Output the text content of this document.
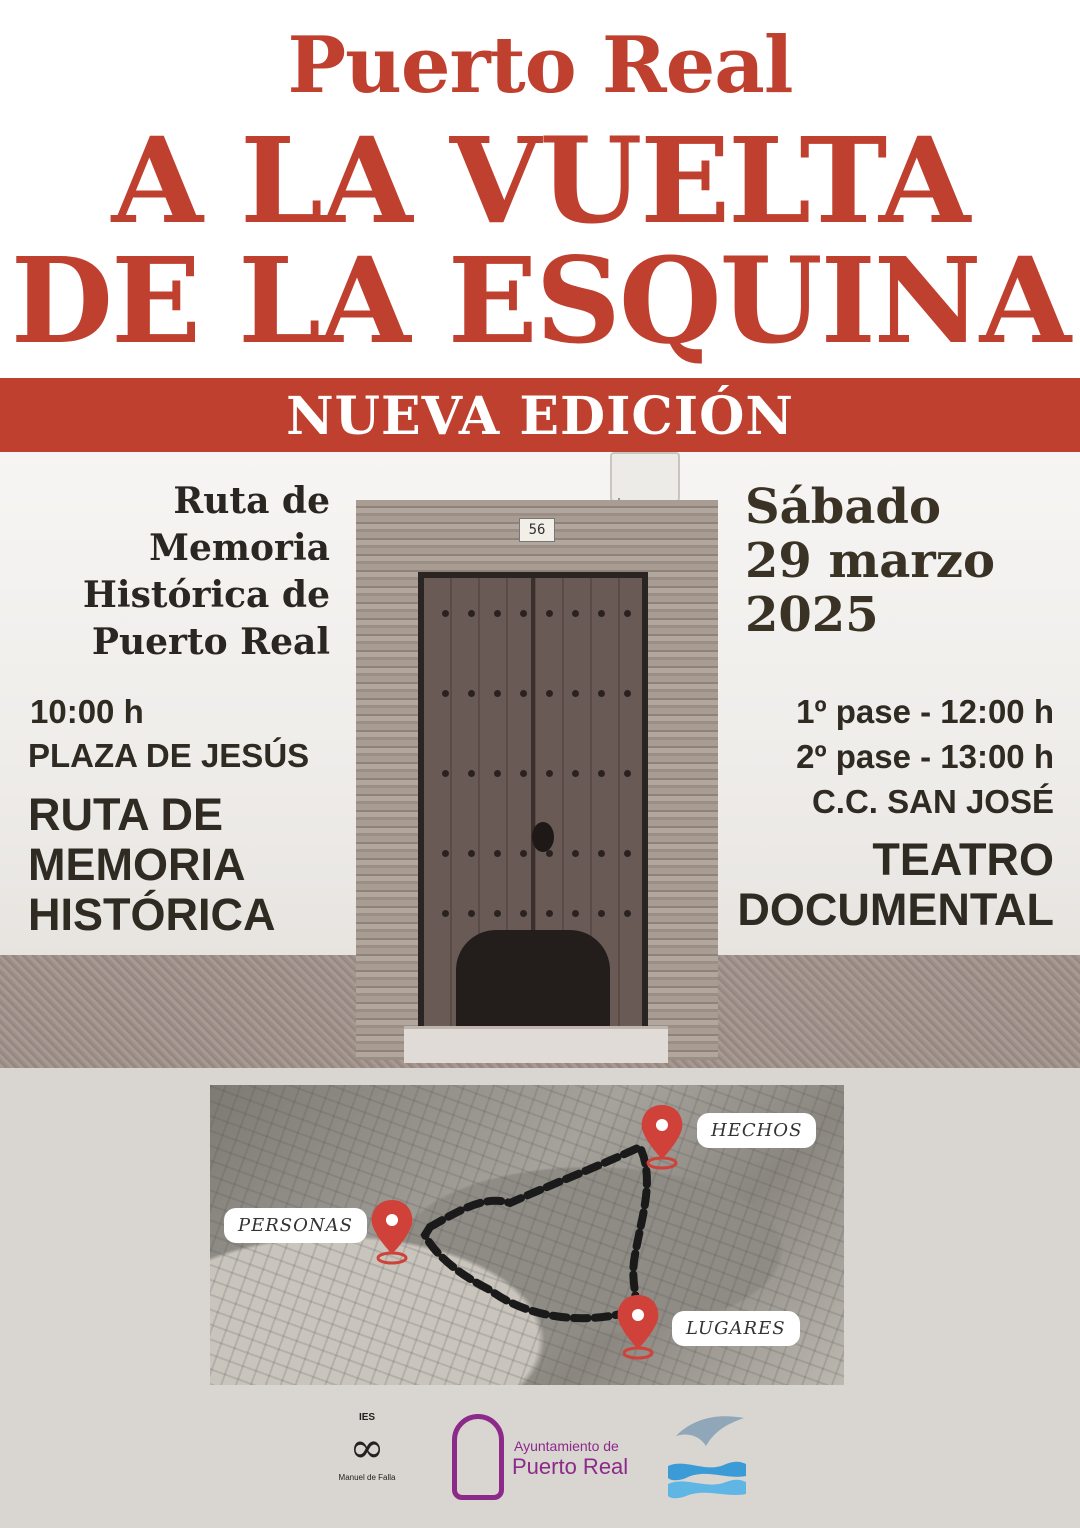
Puerto Real
A LA VUELTA
DE LA ESQUINA
NUEVA EDICIÓN
56
Ruta de
Memoria
Histórica de
Puerto Real
Sábado
29 marzo
2025
10:00 h
PLAZA DE JESÚS
RUTA DE
MEMORIA
HISTÓRICA
1º pase - 12:00 h
2º pase - 13:00 h
C.C. SAN JOSÉ
TEATRO
DOCUMENTAL
HECHOS
PERSONAS
LUGARES
IES
∞
Manuel de Falla
Ayuntamiento de
Puerto Real
